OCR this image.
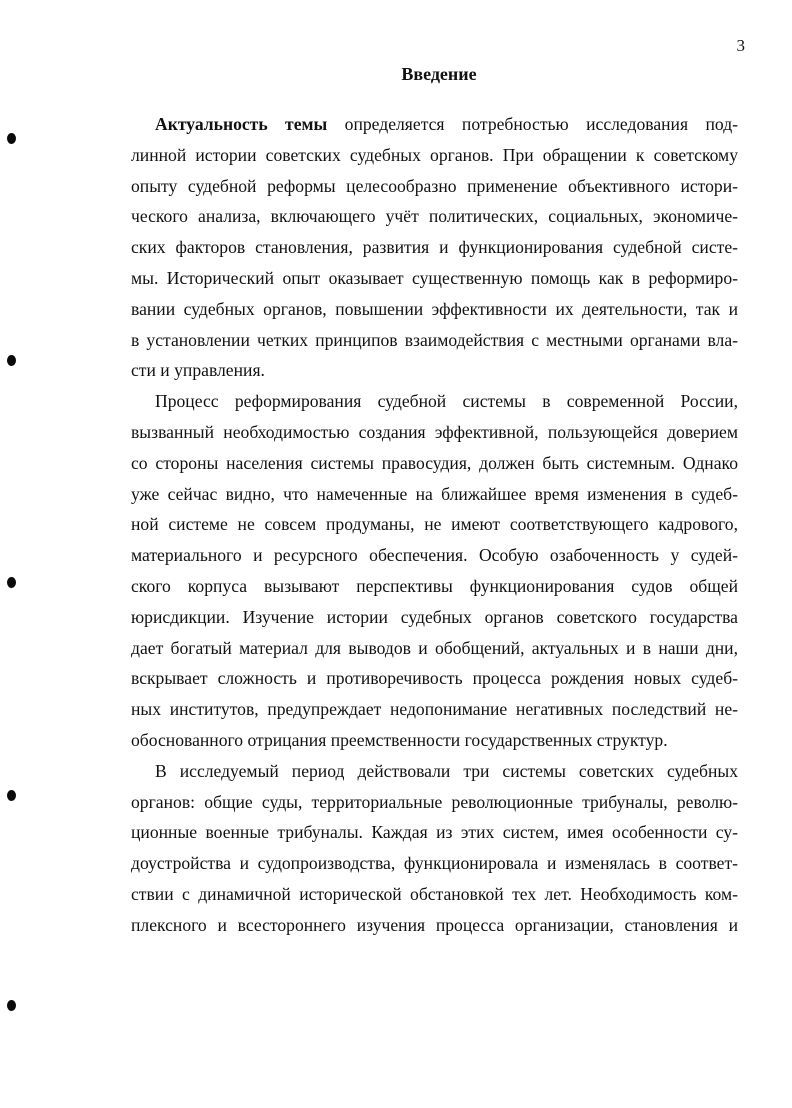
3
Введение
Актуальность темы определяется потребностью исследования под-
линной истории советских судебных органов. При обращении к советскому
опыту судебной реформы целесообразно применение объективного истори-
ческого анализа, включающего учёт политических, социальных, экономиче-
ских факторов становления, развития и функционирования судебной систе-
мы. Исторический опыт оказывает существенную помощь как в реформиро-
вании судебных органов, повышении эффективности их деятельности, так и
в установлении четких принципов взаимодействия с местными органами вла-
сти и управления.
Процесс реформирования судебной системы в современной России,
вызванный необходимостью создания эффективной, пользующейся доверием
со стороны населения системы правосудия, должен быть системным. Однако
уже сейчас видно, что намеченные на ближайшее время изменения в судеб-
ной системе не совсем продуманы, не имеют соответствующего кадрового,
материального и ресурсного обеспечения. Особую озабоченность у судей-
ского корпуса вызывают перспективы функционирования судов общей
юрисдикции. Изучение истории судебных органов советского государства
дает богатый материал для выводов и обобщений, актуальных и в наши дни,
вскрывает сложность и противоречивость процесса рождения новых судеб-
ных институтов, предупреждает недопонимание негативных последствий не-
обоснованного отрицания преемственности государственных структур.
В исследуемый период действовали три системы советских судебных
органов: общие суды, территориальные революционные трибуналы, револю-
ционные военные трибуналы. Каждая из этих систем, имея особенности су-
доустройства и судопроизводства, функционировала и изменялась в соответ-
ствии с динамичной исторической обстановкой тех лет. Необходимость ком-
плексного и всестороннего изучения процесса организации, становления и
